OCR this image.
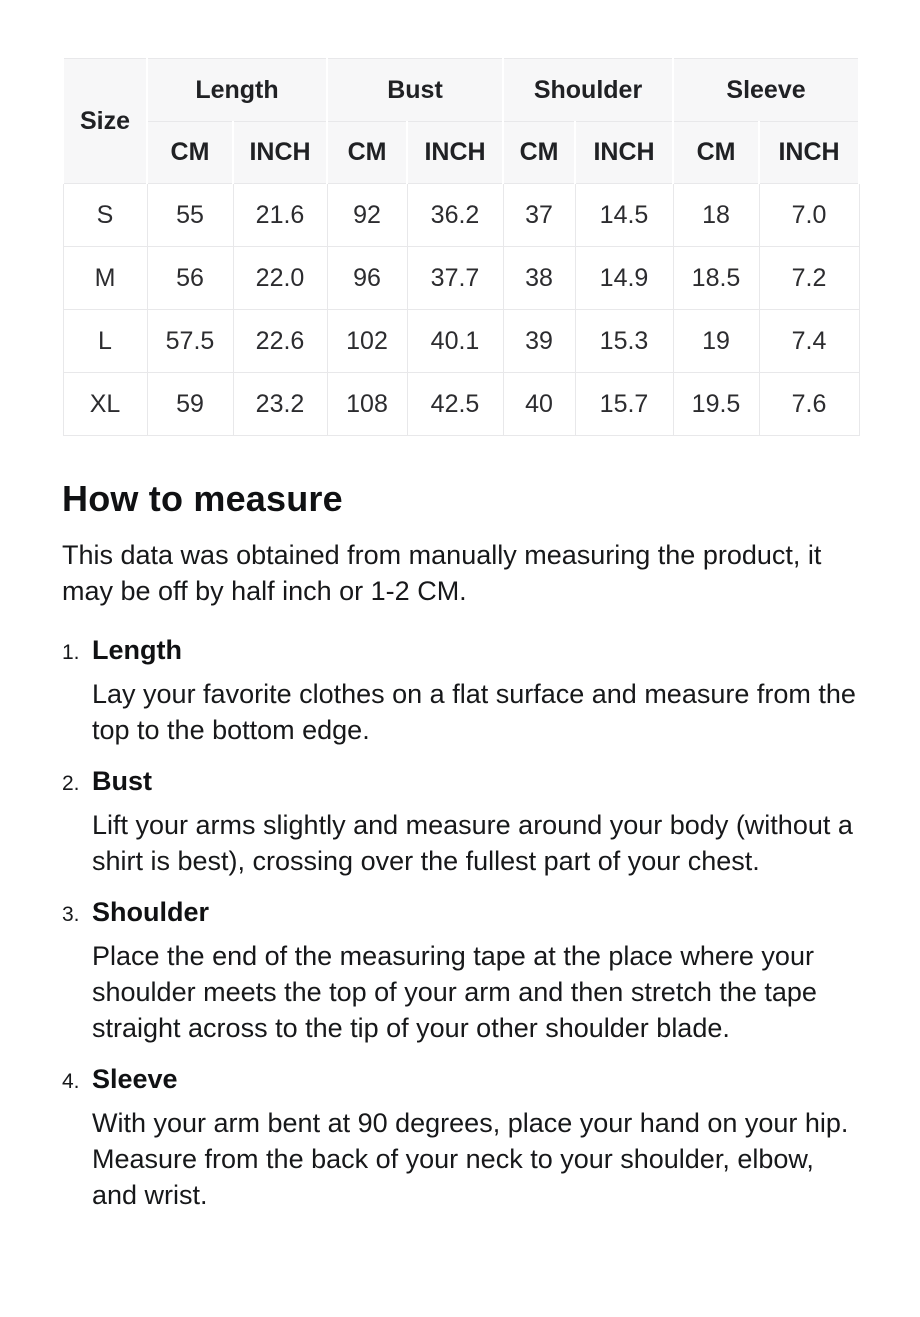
Size	Length		Bust		Shoulder		Sleeve	
	CM	INCH	CM	INCH	CM	INCH	CM	INCH
S	55	21.6	92	36.2	37	14.5	18	7.0
M	56	22.0	96	37.7	38	14.9	18.5	7.2
L	57.5	22.6	102	40.1	39	15.3	19	7.4
XL	59	23.2	108	42.5	40	15.7	19.5	7.6
How to measure

This data was obtained from manually measuring the product, it may be off by half inch or 1-2 CM.

1. Length

Lay your favorite clothes on a flat surface and measure from the top to the bottom edge.

2. Bust

Lift your arms slightly and measure around your body (without a shirt is best), crossing over the fullest part of your chest.

3. Shoulder

Place the end of the measuring tape at the place where your shoulder meets the top of your arm and then stretch the tape straight across to the tip of your other shoulder blade.

4. Sleeve

With your arm bent at 90 degrees, place your hand on your hip. Measure from the back of your neck to your shoulder, elbow, and wrist.
